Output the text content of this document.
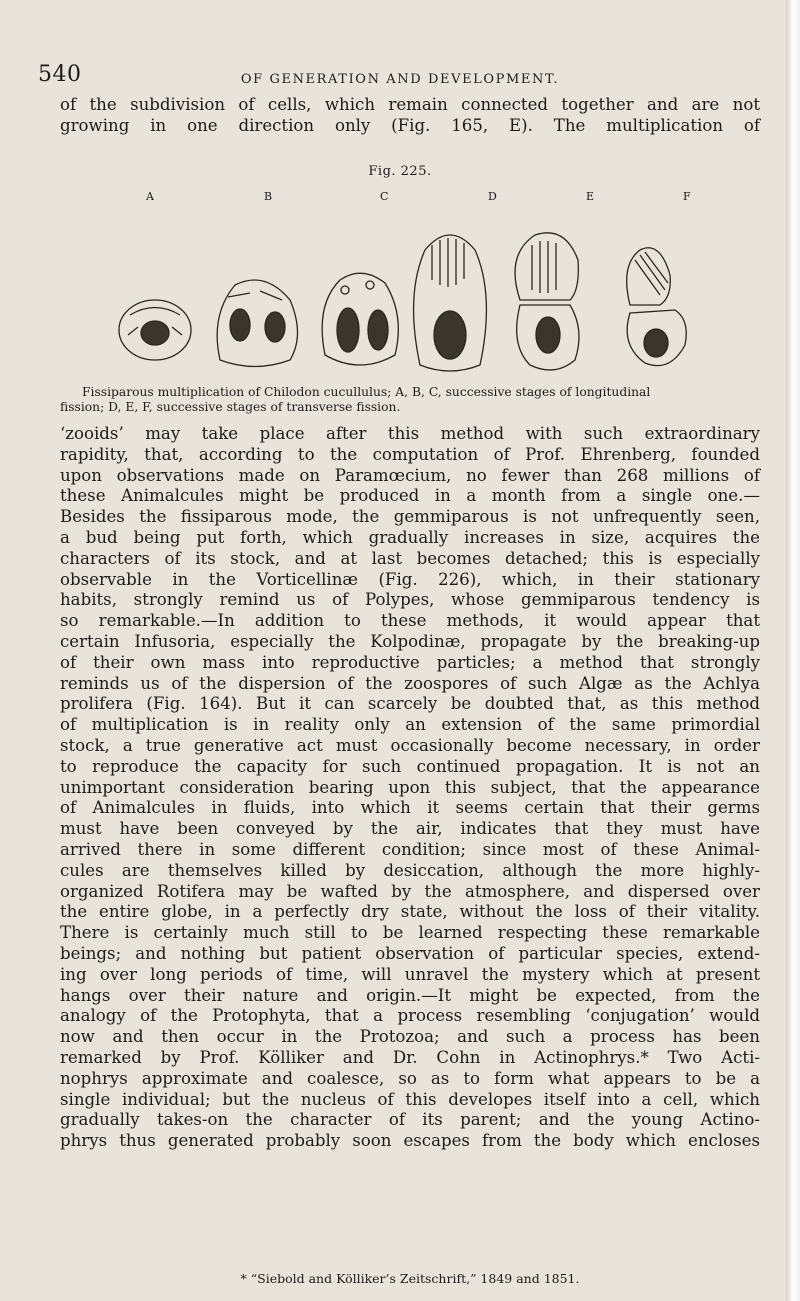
540	OF GENERATION AND DEVELOPMENT.
of the subdivision of cells, which remain connected together and are not
growing in one direction only (Fig. 165, E). The multiplication of
Fig. 225.
A	B	C	D	E	F
Fissiparous multiplication of Chilodon cucullulus; A, B, C, successive stages of longitudinal
fission; D, E, F, successive stages of transverse fission.
‘zooids’ may take place after this method with such extraordinary
rapidity, that, according to the computation of Prof. Ehrenberg, founded
upon observations made on Paramœcium, no fewer than 268 millions of
these Animalcules might be produced in a month from a single one.—
Besides the fissiparous mode, the gemmiparous is not unfrequently seen,
a bud being put forth, which gradually increases in size, acquires the
characters of its stock, and at last becomes detached; this is especially
observable in the Vorticellinæ (Fig. 226), which, in their stationary
habits, strongly remind us of Polypes, whose gemmiparous tendency is
so remarkable.—In addition to these methods, it would appear that
certain Infusoria, especially the Kolpodinæ, propagate by the breaking-up
of their own mass into reproductive particles; a method that strongly
reminds us of the dispersion of the zoospores of such Algæ as the Achlya
prolifera (Fig. 164). But it can scarcely be doubted that, as this method
of multiplication is in reality only an extension of the same primordial
stock, a true generative act must occasionally become necessary, in order
to reproduce the capacity for such continued propagation. It is not an
unimportant consideration bearing upon this subject, that the appearance
of Animalcules in fluids, into which it seems certain that their germs
must have been conveyed by the air, indicates that they must have
arrived there in some different condition; since most of these Animal-
cules are themselves killed by desiccation, although the more highly-
organized Rotifera may be wafted by the atmosphere, and dispersed over
the entire globe, in a perfectly dry state, without the loss of their vitality.
There is certainly much still to be learned respecting these remarkable
beings; and nothing but patient observation of particular species, extend-
ing over long periods of time, will unravel the mystery which at present
hangs over their nature and origin.—It might be expected, from the
analogy of the Protophyta, that a process resembling ‘conjugation’ would
now and then occur in the Protozoa; and such a process has been
remarked by Prof. Kölliker and Dr. Cohn in Actinophrys.* Two Acti-
nophrys approximate and coalesce, so as to form what appears to be a
single individual; but the nucleus of this developes itself into a cell, which
gradually takes-on the character of its parent; and the young Actino-
phrys thus generated probably soon escapes from the body which encloses
* “Siebold and Kölliker’s Zeitschrift,” 1849 and 1851.
